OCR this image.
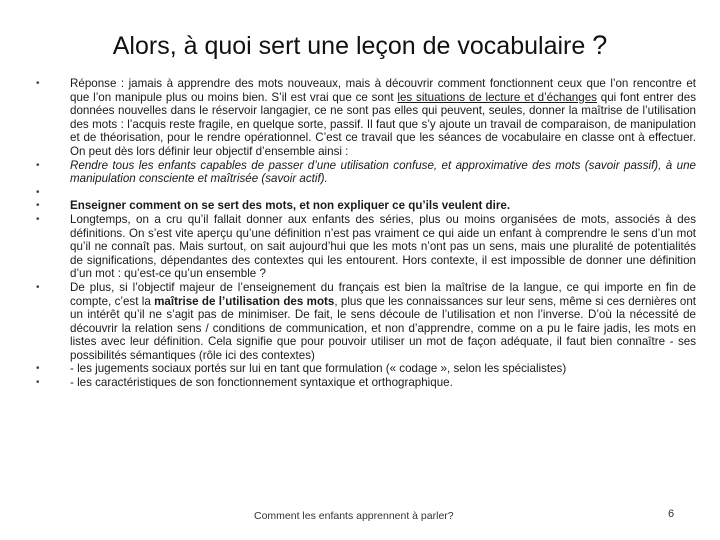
Alors, à quoi sert une leçon de vocabulaire ?
•	Réponse : jamais à apprendre des mots nouveaux, mais à découvrir comment fonctionnent ceux que l’on rencontre et que l’on manipule plus ou moins bien. S’il est vrai que ce sont les situations de lecture et d’échanges qui font entrer des données nouvelles dans le réservoir langagier, ce ne sont pas elles qui peuvent, seules, donner la maîtrise de l’utilisation des mots : l’acquis reste fragile, en quelque sorte, passif. Il faut que s’y ajoute un travail de comparaison, de manipulation et de théorisation, pour le rendre opérationnel. C’est ce travail que les séances de vocabulaire en classe ont à effectuer. On peut dès lors définir leur objectif d’ensemble ainsi :
•	Rendre tous les enfants capables de passer d’une utilisation confuse, et approximative des mots (savoir passif), à une manipulation consciente et maîtrisée (savoir actif).
•
•	Enseigner comment on se sert des mots, et non expliquer ce qu’ils veulent dire.
•	Longtemps, on a cru qu’il fallait donner aux enfants des séries, plus ou moins organisées de mots, associés à des définitions. On s’est vite aperçu qu’une définition n’est pas vraiment ce qui aide un enfant à comprendre le sens d’un mot qu’il ne connaît pas. Mais surtout, on sait aujourd’hui que les mots n’ont pas un sens, mais une pluralité de potentialités de significations, dépendantes des contextes qui les entourent. Hors contexte, il est impossible de donner une définition d’un mot : qu’est-ce qu’un ensemble ?
•	De plus, si l’objectif majeur de l’enseignement du français est bien la maîtrise de la langue, ce qui importe en fin de compte, c’est la maîtrise de l’utilisation des mots, plus que les connaissances sur leur sens, même si ces dernières ont un intérêt qu’il ne s’agit pas de minimiser. De fait, le sens découle de l’utilisation et non l’inverse. D’où la nécessité de découvrir la relation sens / conditions de communication, et non d’apprendre, comme on a pu le faire jadis, les mots en listes avec leur définition. Cela signifie que pour pouvoir utiliser un mot de façon adéquate, il faut bien connaître - ses possibilités sémantiques (rôle ici des contextes)
•	- les jugements sociaux portés sur lui en tant que formulation (« codage », selon les spécialistes)
•	- les caractéristiques de son fonctionnement syntaxique et orthographique.
Comment les enfants apprennent à parler?	6
